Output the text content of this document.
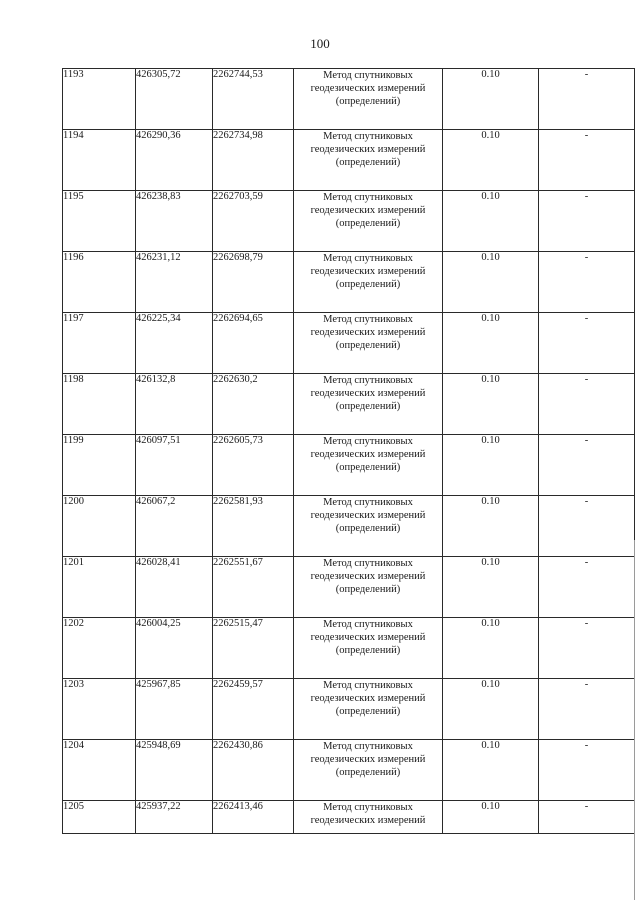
100
1193	426305,72	2262744,53	Метод спутниковых
геодезических измерений
(определений)	0.10	-
1194	426290,36	2262734,98	Метод спутниковых
геодезических измерений
(определений)	0.10	-
1195	426238,83	2262703,59	Метод спутниковых
геодезических измерений
(определений)	0.10	-
1196	426231,12	2262698,79	Метод спутниковых
геодезических измерений
(определений)	0.10	-
1197	426225,34	2262694,65	Метод спутниковых
геодезических измерений
(определений)	0.10	-
1198	426132,8	2262630,2	Метод спутниковых
геодезических измерений
(определений)	0.10	-
1199	426097,51	2262605,73	Метод спутниковых
геодезических измерений
(определений)	0.10	-
1200	426067,2	2262581,93	Метод спутниковых
геодезических измерений
(определений)	0.10	-
1201	426028,41	2262551,67	Метод спутниковых
геодезических измерений
(определений)	0.10	-
1202	426004,25	2262515,47	Метод спутниковых
геодезических измерений
(определений)	0.10	-
1203	425967,85	2262459,57	Метод спутниковых
геодезических измерений
(определений)	0.10	-
1204	425948,69	2262430,86	Метод спутниковых
геодезических измерений
(определений)	0.10	-
1205	425937,22	2262413,46	Метод спутниковых
геодезических измерений	0.10	-
